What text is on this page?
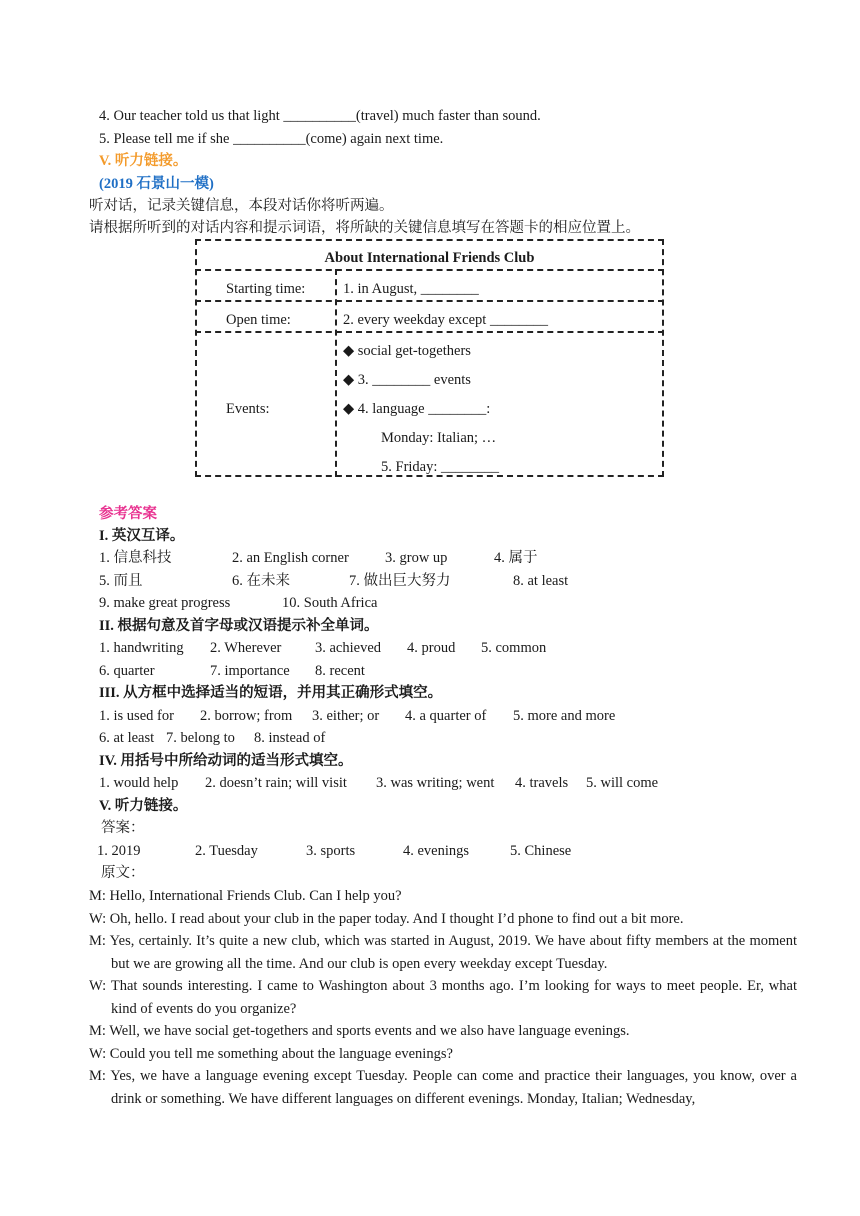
4. Our teacher told us that light __________(travel) much faster than sound.
5. Please tell me if she __________(come) again next time.
V. 听力链接。
(2019 石景山一模)
听对话，记录关键信息，本段对话你将听两遍。
请根据所听到的对话内容和提示词语，将所缺的关键信息填写在答题卡的相应位置上。
About International Friends Club
Starting time:	1. in August, ________
Open time:	2. every weekday except ________
Events:
◆ social get-togethers
◆ 3. ________ events
◆ 4. language ________:
Monday: Italian; …
5. Friday: ________
参考答案
I. 英汉互译。
1. 信息科技	2. an English corner 3. grow up	4. 属于
5. 而且	6. 在未来	7. 做出巨大努力	8. at least
9. make great progress	10. South Africa
II. 根据句意及首字母或汉语提示补全单词。
1. handwriting 2. Wherever 3. achieved 4. proud 5. common
6. quarter	7. importance 8. recent
III. 从方框中选择适当的短语，并用其正确形式填空。
1. is used for 2. borrow; from 3. either; or 4. a quarter of 5. more and more
6. at least 7. belong to 8. instead of
IV. 用括号中所给动词的适当形式填空。
1. would help 2. doesn’t rain; will visit 3. was writing; went 4. travels 5. will come
V. 听力链接。
答案：
1. 2019	2. Tuesday	3. sports	4. evenings	5. Chinese
原文：
M: Hello, International Friends Club. Can I help you?
W: Oh, hello. I read about your club in the paper today. And I thought I’d phone to find out a bit more.
M: Yes, certainly. It’s quite a new club, which was started in August, 2019. We have about fifty members at the moment but we are growing all the time. And our club is open every weekday except Tuesday.
W: That sounds interesting. I came to Washington about 3 months ago. I’m looking for ways to meet people. Er, what kind of events do you organize?
M: Well, we have social get-togethers and sports events and we also have language evenings.
W: Could you tell me something about the language evenings?
M: Yes, we have a language evening except Tuesday. People can come and practice their languages, you know, over a drink or something. We have different languages on different evenings. Monday, Italian; Wednesday,
